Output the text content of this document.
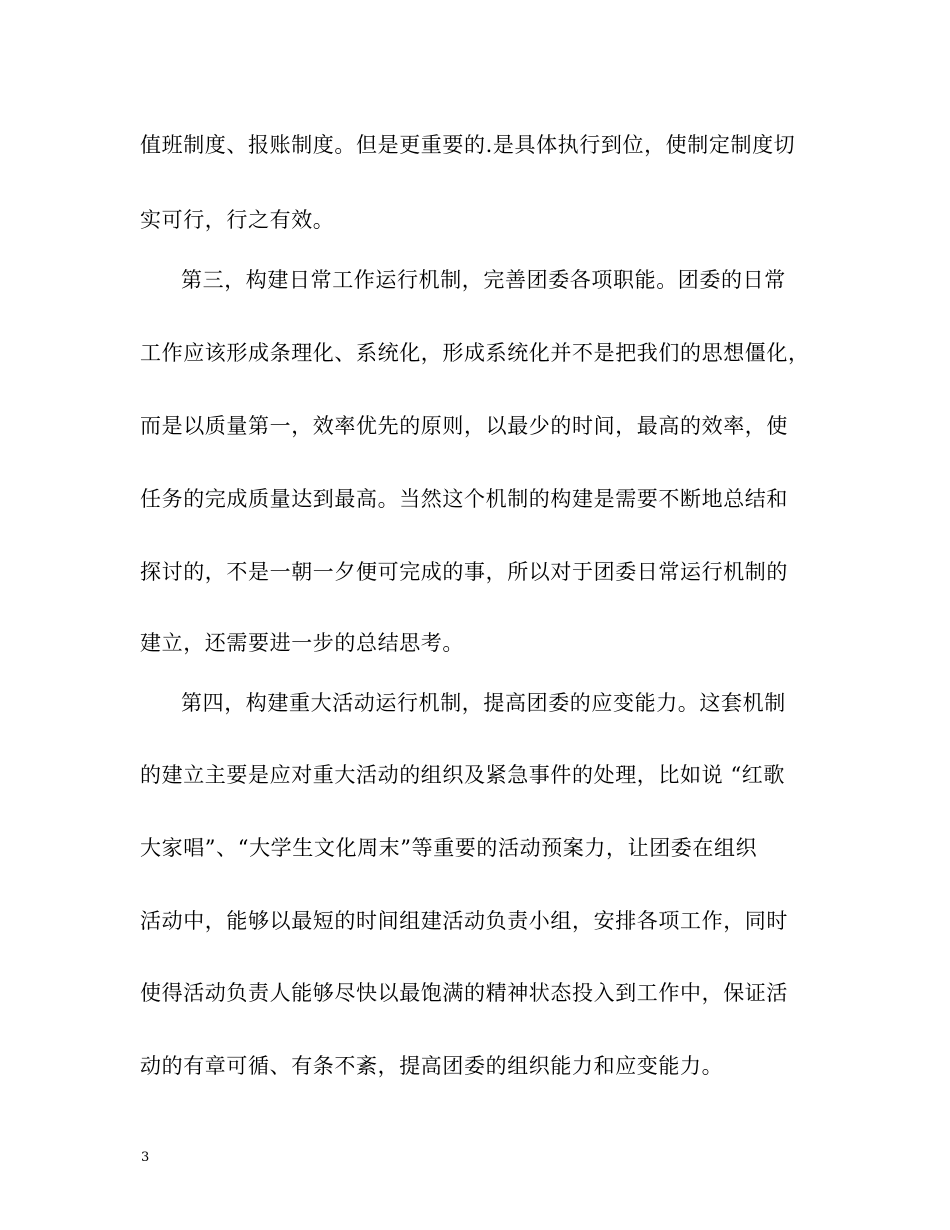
值班制度、报账制度。但是更重要的.是具体执行到位，使制定制度切
实可行，行之有效。
第三，构建日常工作运行机制，完善团委各项职能。团委的日常
工作应该形成条理化、系统化，形成系统化并不是把我们的思想僵化，
而是以质量第一，效率优先的原则，以最少的时间，最高的效率，使
任务的完成质量达到最高。当然这个机制的构建是需要不断地总结和
探讨的，不是一朝一夕便可完成的事，所以对于团委日常运行机制的
建立，还需要进一步的总结思考。
第四，构建重大活动运行机制，提高团委的应变能力。这套机制
的建立主要是应对重大活动的组织及紧急事件的处理，比如说 “红歌
大家唱”、“大学生文化周末”等重要的活动预案力，让团委在组织
活动中，能够以最短的时间组建活动负责小组，安排各项工作，同时
使得活动负责人能够尽快以最饱满的精神状态投入到工作中，保证活
动的有章可循、有条不紊，提高团委的组织能力和应变能力。
3
